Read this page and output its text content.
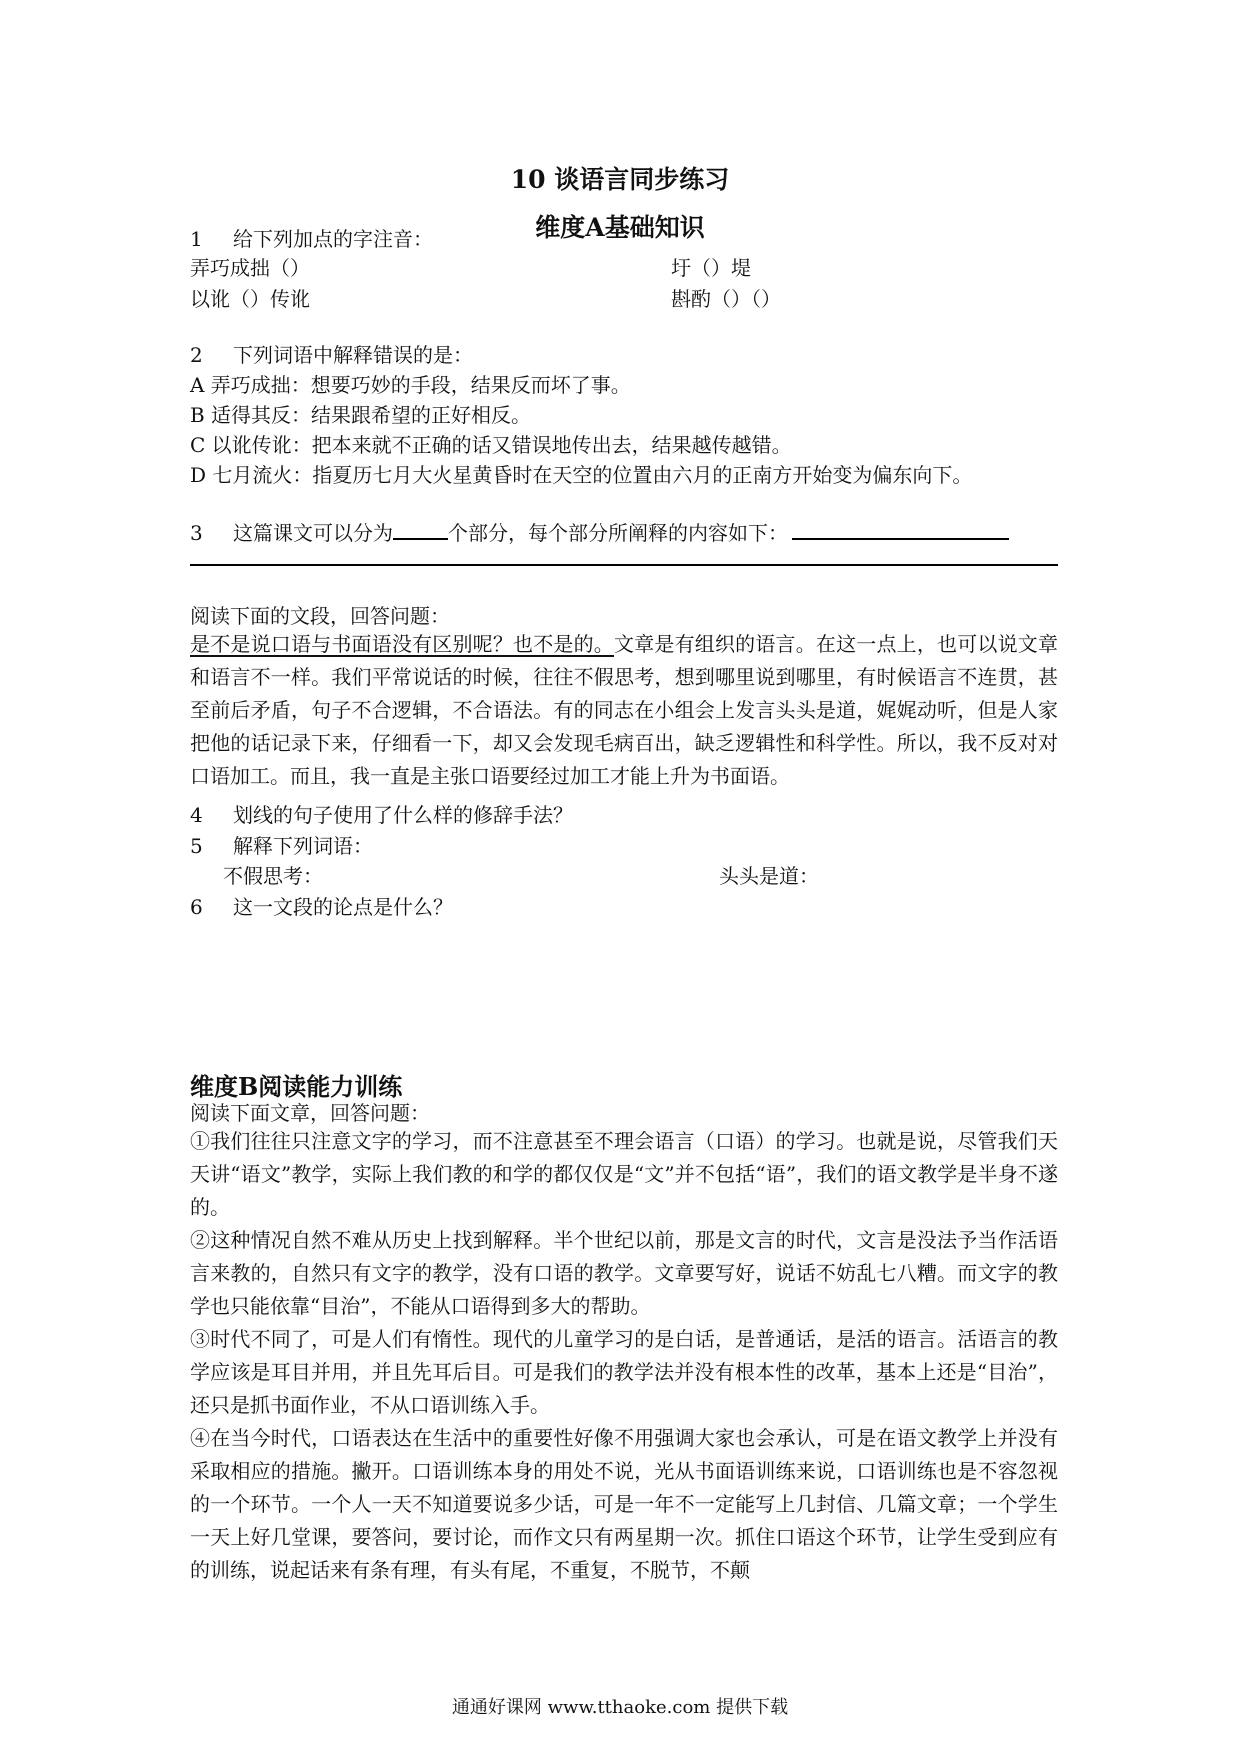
10 谈语言同步练习
维度A基础知识
1 给下列加点的字注音：
弄巧成拙（）	圩（）堤
以讹（）传讹	斟酌（）（）
2 下列词语中解释错误的是：
A 弄巧成拙：想要巧妙的手段，结果反而坏了事。
B 适得其反：结果跟希望的正好相反。
C 以讹传讹：把本来就不正确的话又错误地传出去，结果越传越错。
D 七月流火：指夏历七月大火星黄昏时在天空的位置由六月的正南方开始变为偏东向下。
3 这篇课文可以分为	个部分，每个部分所阐释的内容如下：
阅读下面的文段，回答问题：

是不是说口语与书面语没有区别呢？也不是的。文章是有组织的语言。在这一点上，也可以说文章和语言不一样。我们平常说话的时候，往往不假思考，想到哪里说到哪里，有时候语言不连贯，甚至前后矛盾，句子不合逻辑，不合语法。有的同志在小组会上发言头头是道，娓娓动听，但是人家把他的话记录下来，仔细看一下，却又会发现毛病百出，缺乏逻辑性和科学性。所以，我不反对对口语加工。而且，我一直是主张口语要经过加工才能上升为书面语。

4 划线的句子使用了什么样的修辞手法？
5 解释下列词语：
不假思考：	头头是道：
6 这一文段的论点是什么？
维度B阅读能力训练
阅读下面文章，回答问题：

①我们往往只注意文字的学习，而不注意甚至不理会语言（口语）的学习。也就是说，尽管我们天天讲“语文”教学，实际上我们教的和学的都仅仅是“文”并不包括“语”，我们的语文教学是半身不遂的。

②这种情况自然不难从历史上找到解释。半个世纪以前，那是文言的时代，文言是没法予当作活语言来教的，自然只有文字的教学，没有口语的教学。文章要写好，说话不妨乱七八糟。而文字的教学也只能依靠“目治”，不能从口语得到多大的帮助。

③时代不同了，可是人们有惰性。现代的儿童学习的是白话，是普通话，是活的语言。活语言的教学应该是耳目并用，并且先耳后目。可是我们的教学法并没有根本性的改革，基本上还是“目治”，还只是抓书面作业，不从口语训练入手。

④在当今时代，口语表达在生活中的重要性好像不用强调大家也会承认，可是在语文教学上并没有采取相应的措施。撇开。口语训练本身的用处不说，光从书面语训练来说，口语训练也是不容忽视的一个环节。一个人一天不知道要说多少话，可是一年不一定能写上几封信、几篇文章；一个学生一天上好几堂课，要答问，要讨论，而作文只有两星期一次。抓住口语这个环节，让学生受到应有的训练，说起话来有条有理，有头有尾，不重复，不脱节，不颠

通通好课网 www.tthaoke.com 提供下载
